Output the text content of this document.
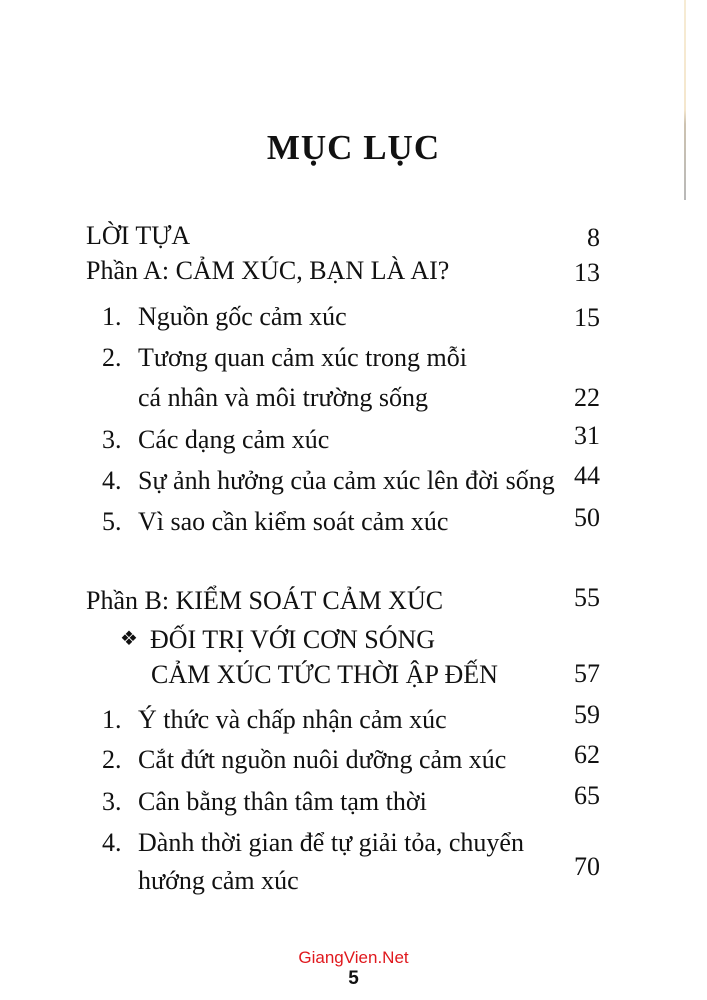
MỤC LỤC
LỜI TỰA	8
Phần A: CẢM XÚC, BẠN LÀ AI?	13
1. Nguồn gốc cảm xúc	15
2. Tương quan cảm xúc trong mỗi
cá nhân và môi trường sống	22
3. Các dạng cảm xúc	31
4. Sự ảnh hưởng của cảm xúc lên đời sống 44
5. Vì sao cần kiểm soát cảm xúc	50
Phần B: KIỂM SOÁT CẢM XÚC	55
❖ ĐỐI TRỊ VỚI CƠN SÓNG
CẢM XÚC TỨC THỜI ẬP ĐẾN	57
1. Ý thức và chấp nhận cảm xúc	59
2. Cắt đứt nguồn nuôi dưỡng cảm xúc	62
3. Cân bằng thân tâm tạm thời	65
4. Dành thời gian để tự giải tỏa, chuyển
hướng cảm xúc	70
GiangVien.Net
5
